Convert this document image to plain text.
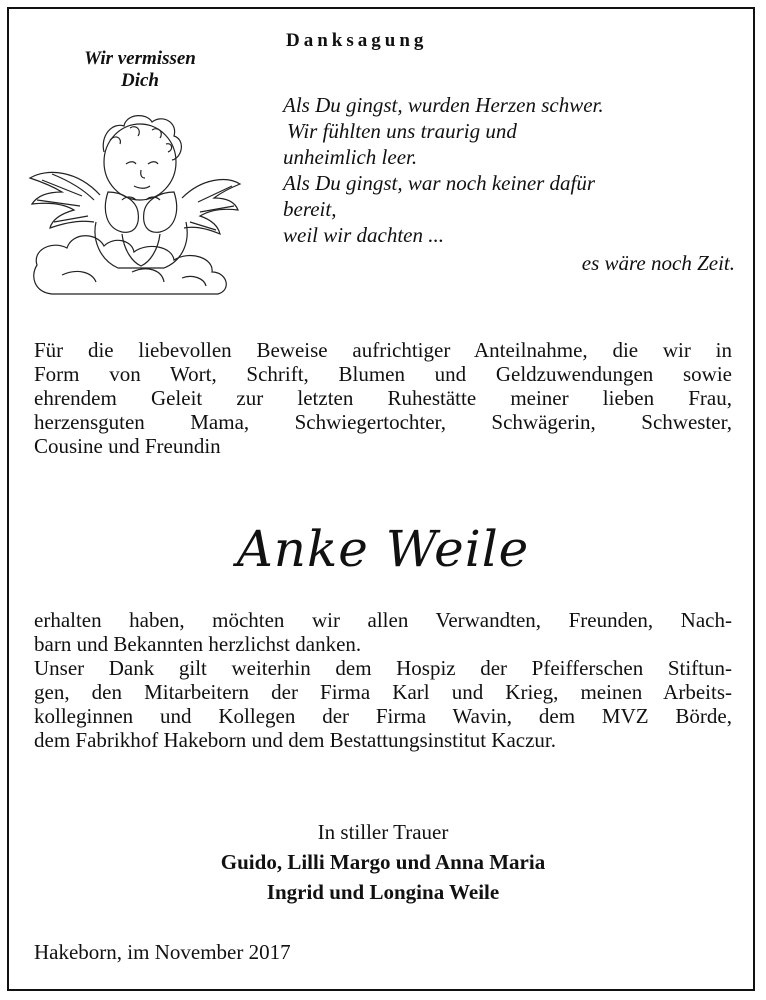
Wir vermissen
Dich
Danksagung
Als Du gingst, wurden Herzen schwer.
Wir fühlten uns traurig und
unheimlich leer.
Als Du gingst, war noch keiner dafür
bereit,
weil wir dachten ...
es wäre noch Zeit.
Für die liebevollen Beweise aufrichtiger Anteilnahme, die wir in
Form von Wort, Schrift, Blumen und Geldzuwendungen sowie
ehrendem Geleit zur letzten Ruhestätte meiner lieben Frau,
herzensguten Mama, Schwiegertochter, Schwägerin, Schwester,
Cousine und Freundin
Anke Weile
erhalten haben, möchten wir allen Verwandten, Freunden, Nach-
barn und Bekannten herzlichst danken.
Unser Dank gilt weiterhin dem Hospiz der Pfeifferschen Stiftun-
gen, den Mitarbeitern der Firma Karl und Krieg, meinen Arbeits-
kolleginnen und Kollegen der Firma Wavin, dem MVZ Börde,
dem Fabrikhof Hakeborn und dem Bestattungsinstitut Kaczur.
In stiller Trauer
Guido, Lilli Margo und Anna Maria
Ingrid und Longina Weile
Hakeborn, im November 2017
